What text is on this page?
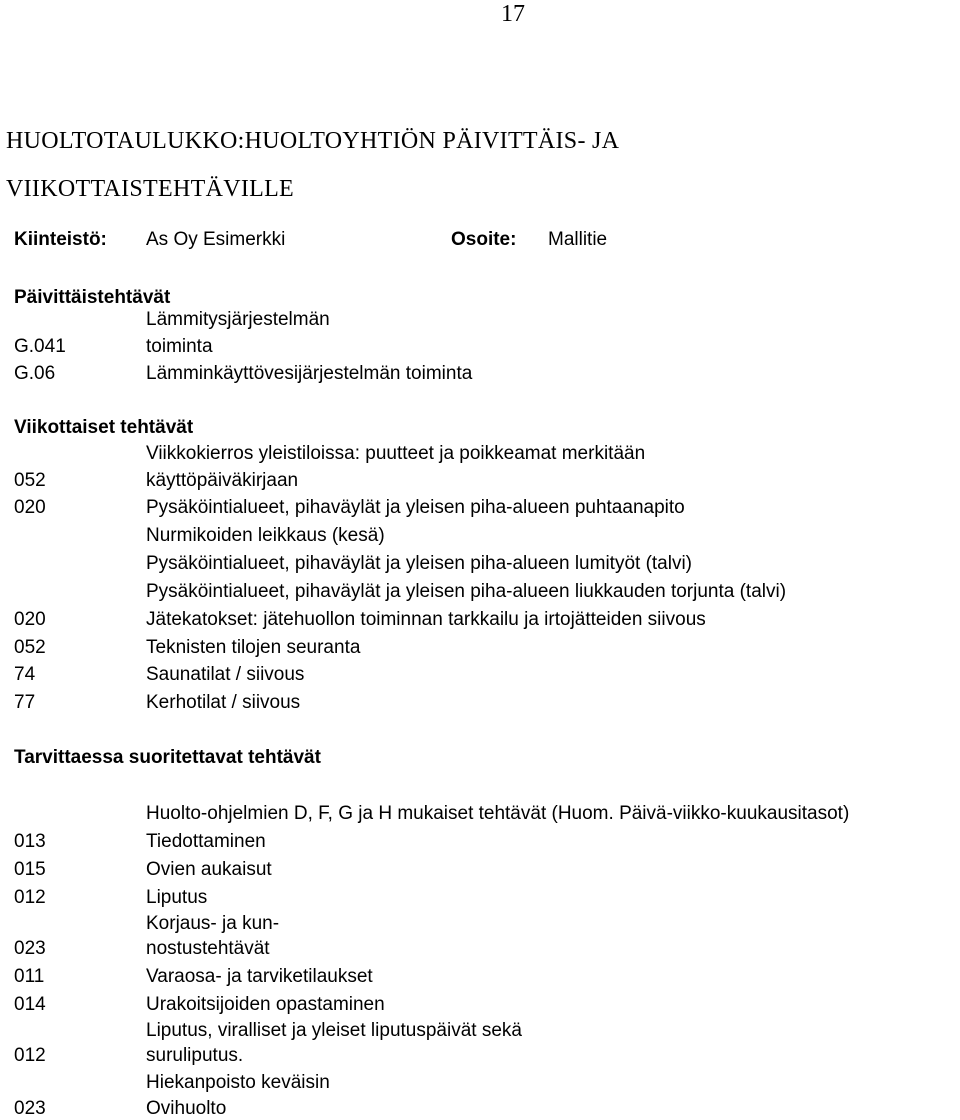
17
HUOLTOTAULUKKO:HUOLTOYHTIÖN PÄIVITTÄIS- JA
VIIKOTTAISTEHTÄVILLE
Kiinteistö: As Oy Esimerkki	Osoite: Mallitie
Päivittäistehtävät
Lämmitysjärjestelmän
G.041	toiminta
G.06	Lämminkäyttövesijärjestelmän toiminta
Viikottaiset tehtävät
Viikkokierros yleistiloissa: puutteet ja poikkeamat merkitään
052	käyttöpäiväkirjaan
020	Pysäköintialueet, pihaväylät ja yleisen piha-alueen puhtaanapito
Nurmikoiden leikkaus (kesä)
Pysäköintialueet, pihaväylät ja yleisen piha-alueen lumityöt (talvi)
Pysäköintialueet, pihaväylät ja yleisen piha-alueen liukkauden torjunta (talvi)
020	Jätekatokset: jätehuollon toiminnan tarkkailu ja irtojätteiden siivous
052	Teknisten tilojen seuranta
74	Saunatilat / siivous
77	Kerhotilat / siivous
Tarvittaessa suoritettavat tehtävät
Huolto-ohjelmien D, F, G ja H mukaiset tehtävät (Huom. Päivä-viikko-kuukausitasot)
013	Tiedottaminen
015	Ovien aukaisut
012	Liputus
Korjaus- ja kun-
023	nostustehtävät
011	Varaosa- ja tarviketilaukset
014	Urakoitsijoiden opastaminen
Liputus, viralliset ja yleiset liputuspäivät sekä
012	suruliputus.
Hiekanpoisto keväisin
023	Ovihuolto
